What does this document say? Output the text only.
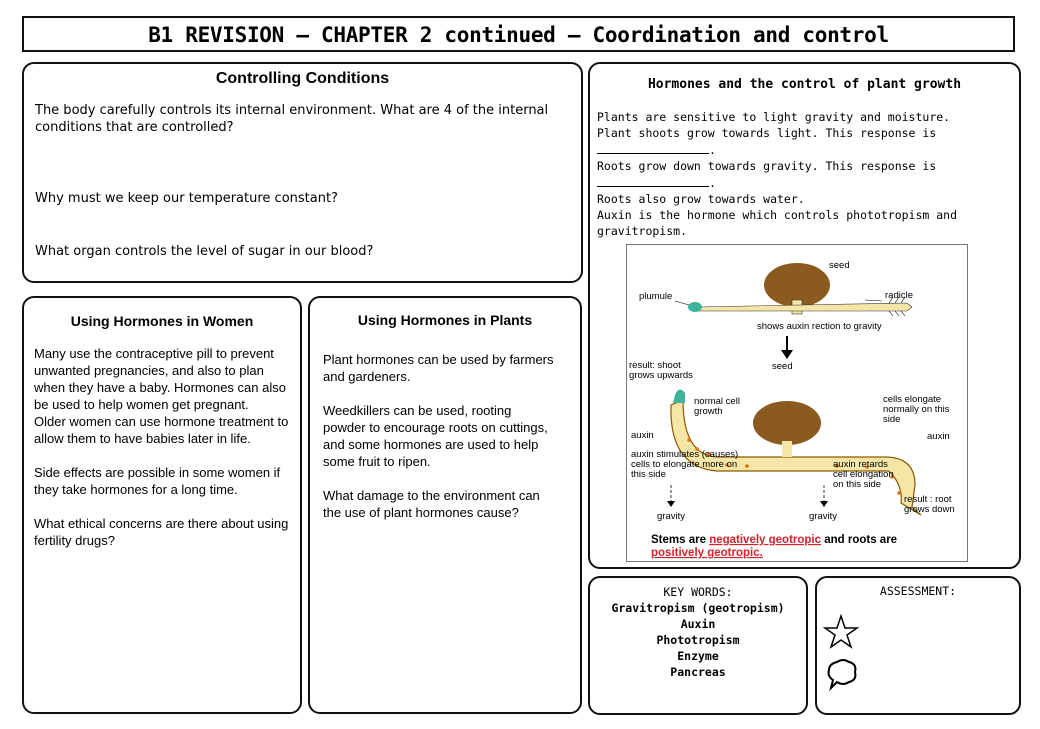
B1 REVISION – CHAPTER 2 continued – Coordination and control
Controlling Conditions

The body carefully controls its internal environment. What are 4 of the internal conditions that are controlled?

Why must we keep our temperature constant?

What organ controls the level of sugar in our blood?

Using Hormones in Women

Many use the contraceptive pill to prevent unwanted pregnancies, and also to plan when they have a baby. Hormones can also be used to help women get pregnant.

Older women can use hormone treatment to allow them to have babies later in life.

Side effects are possible in some women if they take hormones for a long time.

What ethical concerns are there about using fertility drugs?

Using Hormones in Plants

Plant hormones can be used by farmers and gardeners.

Weedkillers can be used, rooting powder to encourage roots on cuttings, and some hormones are used to help some fruit to ripen.

What damage to the environment can the use of plant hormones cause?

Hormones and the control of plant growth
Plants are sensitive to light gravity and moisture.
Plant shoots grow towards light. This response is
.
Roots grow down towards gravity. This response is
.
Roots also grow towards water.
Auxin is the hormone which controls phototropism and gravitropism.
seed
plumule	radicle
shows auxin rection to gravity
seed
result: shoot
grows upwards
normal cell
growth
cells elongate
normally on this
side
auxin	auxin
auxin stimulates (causes)
cells to elongate more on
this side
auxin retards
cell elongation
on this side
gravity	gravity
result : root
grows down
Stems are negatively geotropic and roots are
positively geotropic.
KEY WORDS:
Gravitropism (geotropism)
Auxin
Phototropism
Enzyme
Pancreas
ASSESSMENT:
